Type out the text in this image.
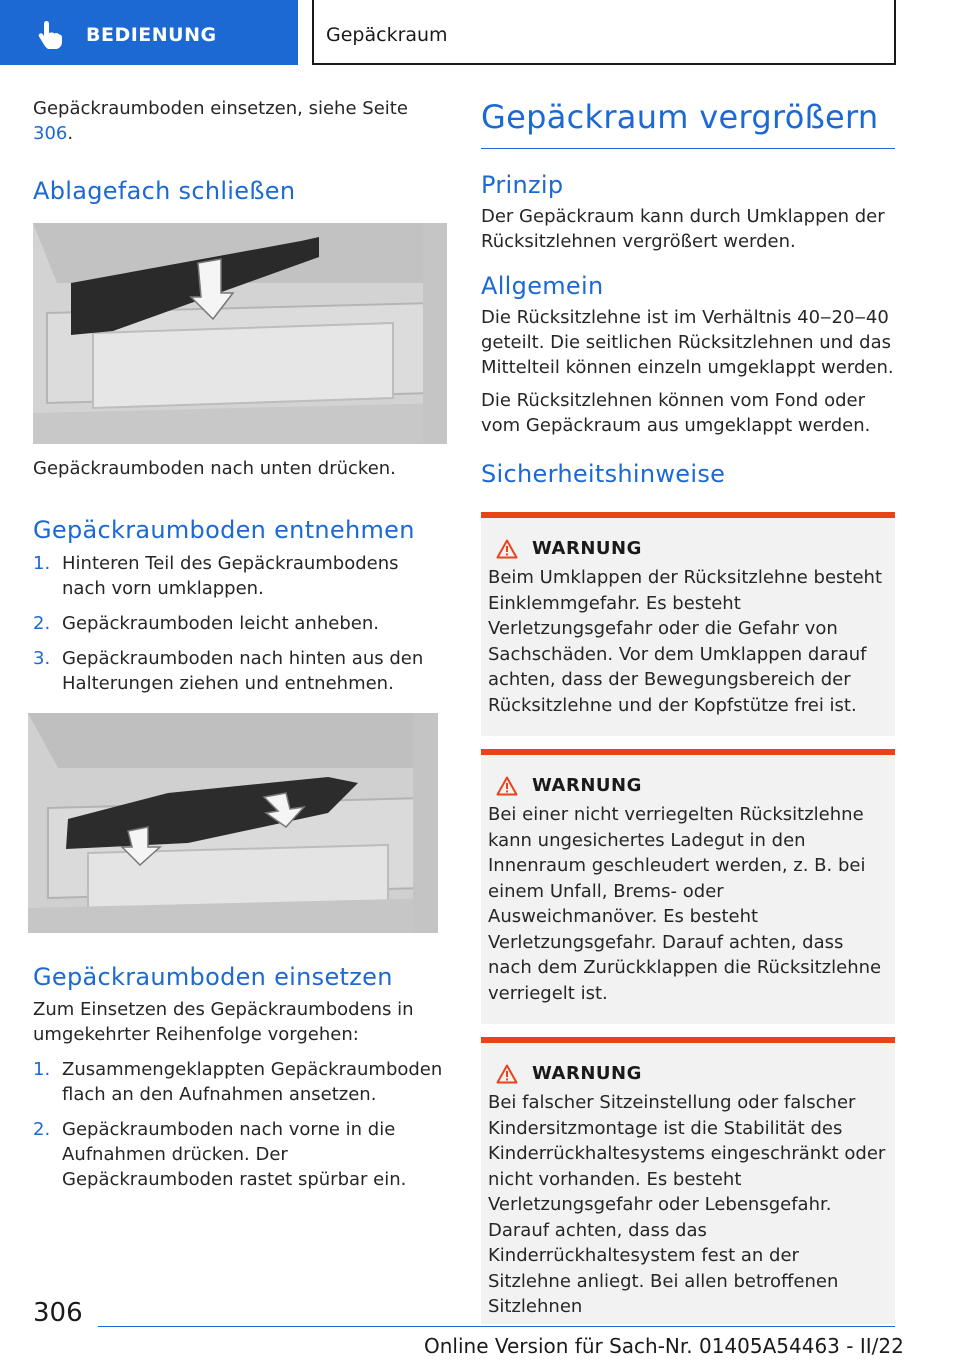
BEDIENUNG	Gepäckraum

Gepäckraumboden einsetzen, siehe Seite 306.

Ablagefach schließen

Gepäckraumboden nach unten drücken.

Gepäckraumboden entnehmen
1. Hinteren Teil des Gepäckraumbodens nach vorn umklappen.
2. Gepäckraumboden leicht anheben.
3. Gepäckraumboden nach hinten aus den Halterungen ziehen und entnehmen.
Gepäckraumboden einsetzen

Zum Einsetzen des Gepäckraumbodens in umgekehrter Reihenfolge vorgehen:

1. Zusammengeklappten Gepäckraumboden flach an den Aufnahmen ansetzen.
2. Gepäckraumboden nach vorne in die Aufnahmen drücken. Der Gepäckraumboden rastet spürbar ein.
Gepäckraum vergrößern
Prinzip

Der Gepäckraum kann durch Umklappen der Rücksitzlehnen vergrößert werden.

Allgemein

Die Rücksitzlehne ist im Verhältnis 40‒20‒40 geteilt. Die seitlichen Rücksitzlehnen und das Mittelteil können einzeln umgeklappt werden.

Die Rücksitzlehnen können vom Fond oder vom Gepäckraum aus umgeklappt werden.

Sicherheitshinweise
WARNUNG

Beim Umklappen der Rücksitzlehne besteht Einklemmgefahr. Es besteht Verletzungsgefahr oder die Gefahr von Sachschäden. Vor dem Umklappen darauf achten, dass der Bewegungsbereich der Rücksitzlehne und der Kopfstütze frei ist.

WARNUNG

Bei einer nicht verriegelten Rücksitzlehne kann ungesichertes Ladegut in den Innenraum geschleudert werden, z. B. bei einem Unfall, Brems- oder Ausweichmanöver. Es besteht Verletzungsgefahr. Darauf achten, dass nach dem Zurückklappen die Rücksitzlehne verriegelt ist.

WARNUNG

Bei falscher Sitzeinstellung oder falscher Kindersitzmontage ist die Stabilität des Kinderrückhaltesystems eingeschränkt oder nicht vorhanden. Es besteht Verletzungsgefahr oder Lebensgefahr. Darauf achten, dass das Kinderrückhaltesystem fest an der Sitzlehne anliegt. Bei allen betroffenen Sitzlehnen

306
Online Version für Sach-Nr. 01405A54463 - II/22
